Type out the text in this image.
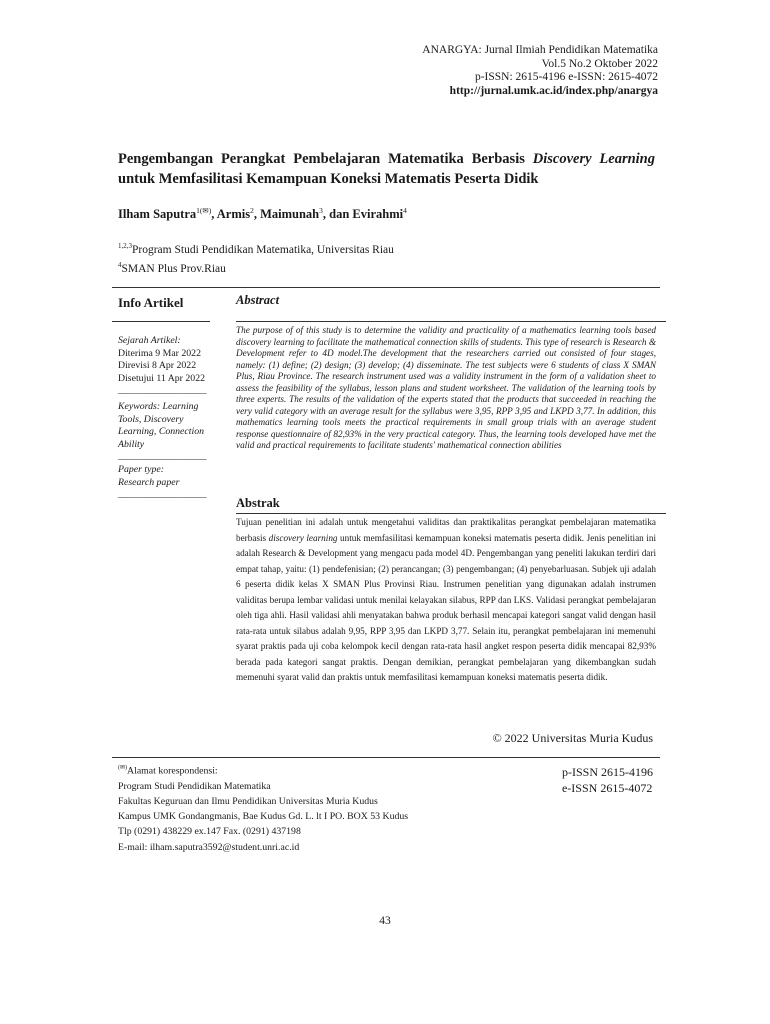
ANARGYA: Jurnal Ilmiah Pendidikan Matematika
Vol.5 No.2 Oktober 2022
p-ISSN: 2615-4196 e-ISSN: 2615-4072
http://jurnal.umk.ac.id/index.php/anargya
Pengembangan Perangkat Pembelajaran Matematika Berbasis Discovery Learning untuk Memfasilitasi Kemampuan Koneksi Matematis Peserta Didik
Ilham Saputra$^{1(✉)}$, Armis$^2$, Maimunah$^3$, dan Evirahmi$^4$
$^{1,2,3}$Program Studi Pendidikan Matematika, Universitas Riau
$^4$SMAN Plus Prov.Riau
Info Artikel	Abstract
Sejarah Artikel:
Diterima 9 Mar 2022
Direvisi 8 Apr 2022
Disetujui 11 Apr 2022
____________________
Keywords: Learning
Tools, Discovery
Learning, Connection
Ability
____________________
Paper type:
Research paper
____________________
The purpose of of this study is to determine the validity and practicality of a mathematics learning tools based discovery learning to facilitate the mathematical connection skills of students. This type of research is Research & Development refer to 4D model.The development that the researchers carried out consisted of four stages, namely: (1) define; (2) design; (3) develop; (4) disseminate. The test subjects were 6 students of class X SMAN Plus, Riau Province. The research instrument used was a validity instrument in the form of a validation sheet to assess the feasibility of the syllabus, lesson plans and student worksheet. The validation of the learning tools by three experts. The results of the validation of the experts stated that the products that succeeded in reaching the very valid category with an average result for the syllabus were 3,95, RPP 3,95 and LKPD 3,77. In addition, this mathematics learning tools meets the practical requirements in small group trials with an average student response questionnaire of 82,93% in the very practical category. Thus, the learning tools developed have met the valid and practical requirements to facilitate students' mathematical connection abilities
Abstrak
Tujuan penelitian ini adalah untuk mengetahui validitas dan praktikalitas perangkat pembelajaran matematika berbasis discovery learning untuk memfasilitasi kemampuan koneksi matematis peserta didik. Jenis penelitian ini adalah Research & Development yang mengacu pada model 4D. Pengembangan yang peneliti lakukan terdiri dari empat tahap, yaitu: (1) pendefenisian; (2) perancangan; (3) pengembangan; (4) penyebarluasan. Subjek uji adalah 6 peserta didik kelas X SMAN Plus Provinsi Riau. Instrumen penelitian yang digunakan adalah instrumen validitas berupa lembar validasi untuk menilai kelayakan silabus, RPP dan LKS. Validasi perangkat pembelajaran oleh tiga ahli. Hasil validasi ahli menyatakan bahwa produk berhasil mencapai kategori sangat valid dengan hasil rata-rata untuk silabus adalah 9,95, RPP 3,95 dan LKPD 3,77. Selain itu, perangkat pembelajaran ini memenuhi syarat praktis pada uji coba kelompok kecil dengan rata-rata hasil angket respon peserta didik mencapai 82,93% berada pada kategori sangat praktis. Dengan demikian, perangkat pembelajaran yang dikembangkan sudah memenuhi syarat valid dan praktis untuk memfasilitasi kemampuan koneksi matematis peserta didik.
© 2022 Universitas Muria Kudus
(✉)Alamat korespondensi:
Program Studi Pendidikan Matematika
Fakultas Keguruan dan Ilmu Pendidikan Universitas Muria Kudus
Kampus UMK Gondangmanis, Bae Kudus Gd. L. lt I PO. BOX 53 Kudus
Tlp (0291) 438229 ex.147 Fax. (0291) 437198
E-mail: ilham.saputra3592@student.unri.ac.id
p-ISSN 2615-4196
e-ISSN 2615-4072
43
